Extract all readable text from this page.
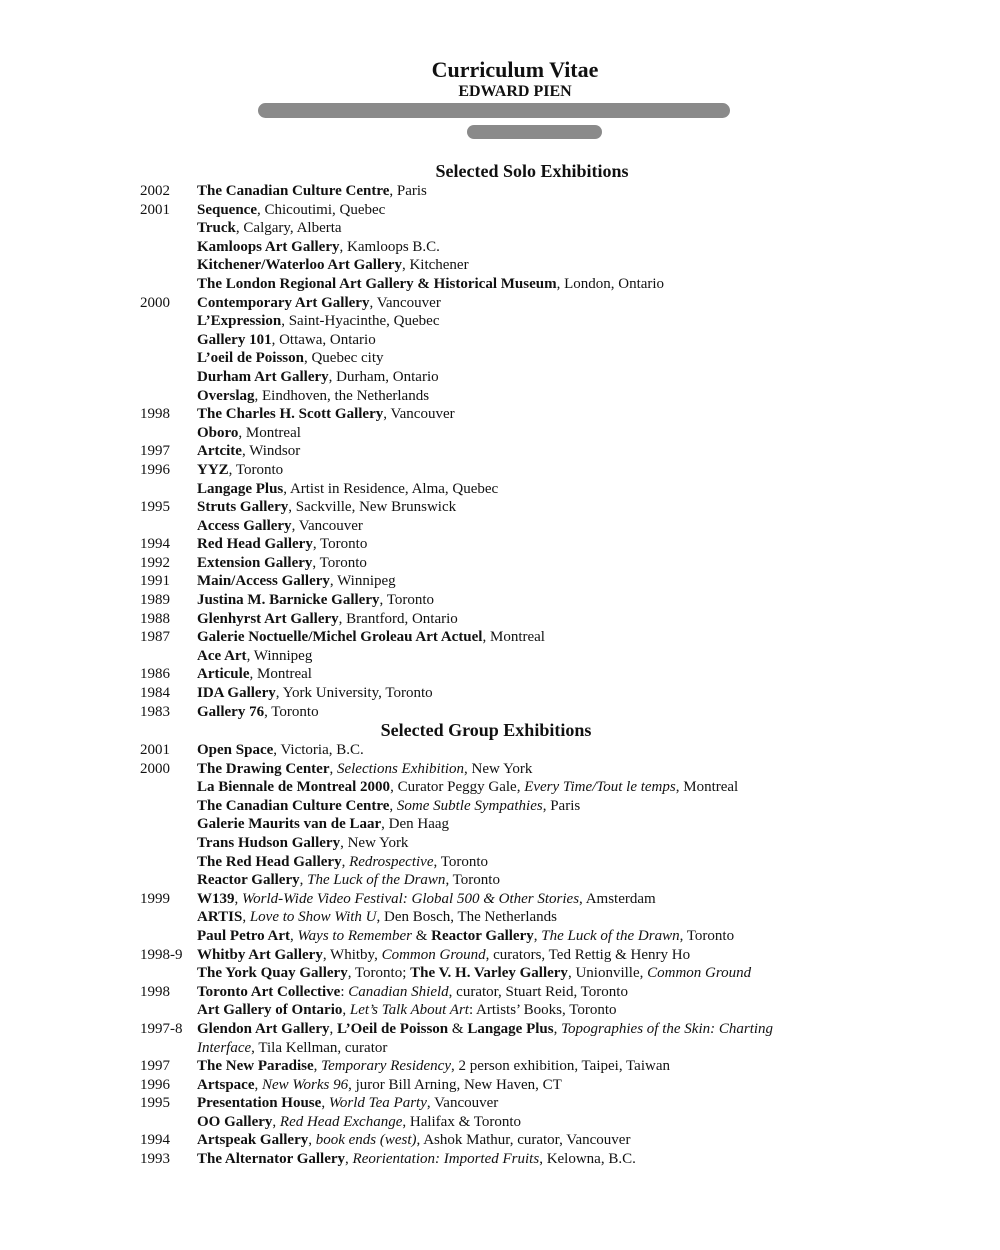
Curriculum Vitae
EDWARD PIEN
Selected Solo Exhibitions
2002	The Canadian Culture Centre, Paris
2001	Sequence, Chicoutimi, Quebec
Truck, Calgary, Alberta
Kamloops Art Gallery, Kamloops B.C.
Kitchener/Waterloo Art Gallery, Kitchener
The London Regional Art Gallery & Historical Museum, London, Ontario
2000	Contemporary Art Gallery, Vancouver
L’Expression, Saint-Hyacinthe, Quebec
Gallery 101, Ottawa, Ontario
L’oeil de Poisson, Quebec city
Durham Art Gallery, Durham, Ontario
Overslag, Eindhoven, the Netherlands
1998	The Charles H. Scott Gallery, Vancouver
Oboro, Montreal
1997	Artcite, Windsor
1996	YYZ, Toronto
Langage Plus, Artist in Residence, Alma, Quebec
1995	Struts Gallery, Sackville, New Brunswick
Access Gallery, Vancouver
1994	Red Head Gallery, Toronto
1992	Extension Gallery, Toronto
1991	Main/Access Gallery, Winnipeg
1989	Justina M. Barnicke Gallery, Toronto
1988	Glenhyrst Art Gallery, Brantford, Ontario
1987	Galerie Noctuelle/Michel Groleau Art Actuel, Montreal
Ace Art, Winnipeg
1986	Articule, Montreal
1984	IDA Gallery, York University, Toronto
1983	Gallery 76, Toronto
Selected Group Exhibitions
2001	Open Space, Victoria, B.C.
2000	The Drawing Center, Selections Exhibition, New York
La Biennale de Montreal 2000, Curator Peggy Gale, Every Time/Tout le temps, Montreal
The Canadian Culture Centre, Some Subtle Sympathies, Paris
Galerie Maurits van de Laar, Den Haag
Trans Hudson Gallery, New York
The Red Head Gallery, Redrospective, Toronto
Reactor Gallery, The Luck of the Drawn, Toronto
1999	W139, World-Wide Video Festival: Global 500 & Other Stories, Amsterdam
ARTIS, Love to Show With U, Den Bosch, The Netherlands
Paul Petro Art, Ways to Remember & Reactor Gallery, The Luck of the Drawn, Toronto
1998-9 Whitby Art Gallery, Whitby, Common Ground, curators, Ted Rettig & Henry Ho
The York Quay Gallery, Toronto; The V. H. Varley Gallery, Unionville, Common Ground
1998	Toronto Art Collective: Canadian Shield, curator, Stuart Reid, Toronto
Art Gallery of Ontario, Let’s Talk About Art: Artists’ Books, Toronto
1997-8 Glendon Art Gallery, L’Oeil de Poisson & Langage Plus, Topographies of the Skin: Charting
Interface, Tila Kellman, curator
1997	The New Paradise, Temporary Residency, 2 person exhibition, Taipei, Taiwan
1996	Artspace, New Works 96, juror Bill Arning, New Haven, CT
1995	Presentation House, World Tea Party, Vancouver
OO Gallery, Red Head Exchange, Halifax & Toronto
1994	Artspeak Gallery, book ends (west), Ashok Mathur, curator, Vancouver
1993	The Alternator Gallery, Reorientation: Imported Fruits, Kelowna, B.C.
